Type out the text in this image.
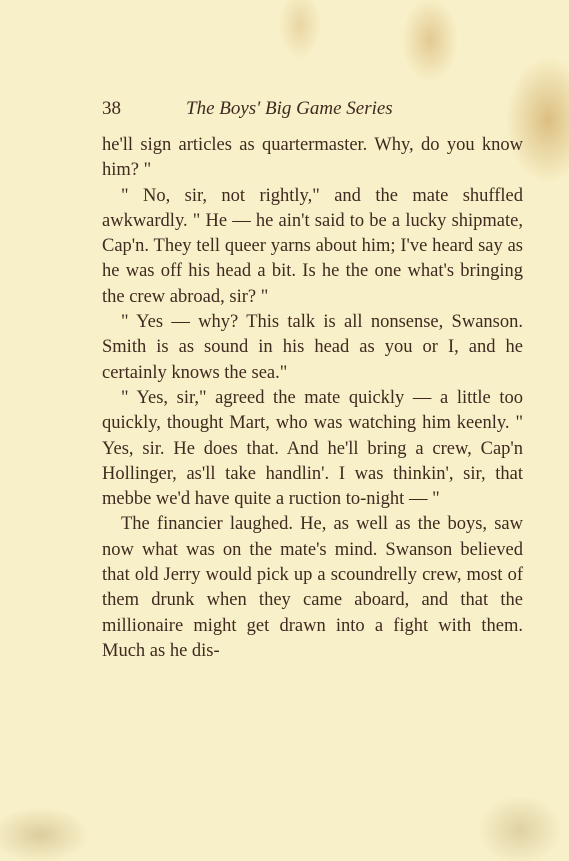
38	The Boys' Big Game Series

he'll sign articles as quartermaster. Why, do you know him? "

" No, sir, not rightly," and the mate shuffled awkwardly. " He — he ain't said to be a lucky shipmate, Cap'n. They tell queer yarns about him; I've heard say as he was off his head a bit. Is he the one what's bringing the crew abroad, sir? "

" Yes — why? This talk is all nonsense, Swanson. Smith is as sound in his head as you or I, and he certainly knows the sea."

" Yes, sir," agreed the mate quickly — a little too quickly, thought Mart, who was watching him keenly. " Yes, sir. He does that. And he'll bring a crew, Cap'n Hollinger, as'll take handlin'. I was thinkin', sir, that mebbe we'd have quite a ruction to-night — "

The financier laughed. He, as well as the boys, saw now what was on the mate's mind. Swanson believed that old Jerry would pick up a scoundrelly crew, most of them drunk when they came aboard, and that the millionaire might get drawn into a fight with them. Much as he dis-
